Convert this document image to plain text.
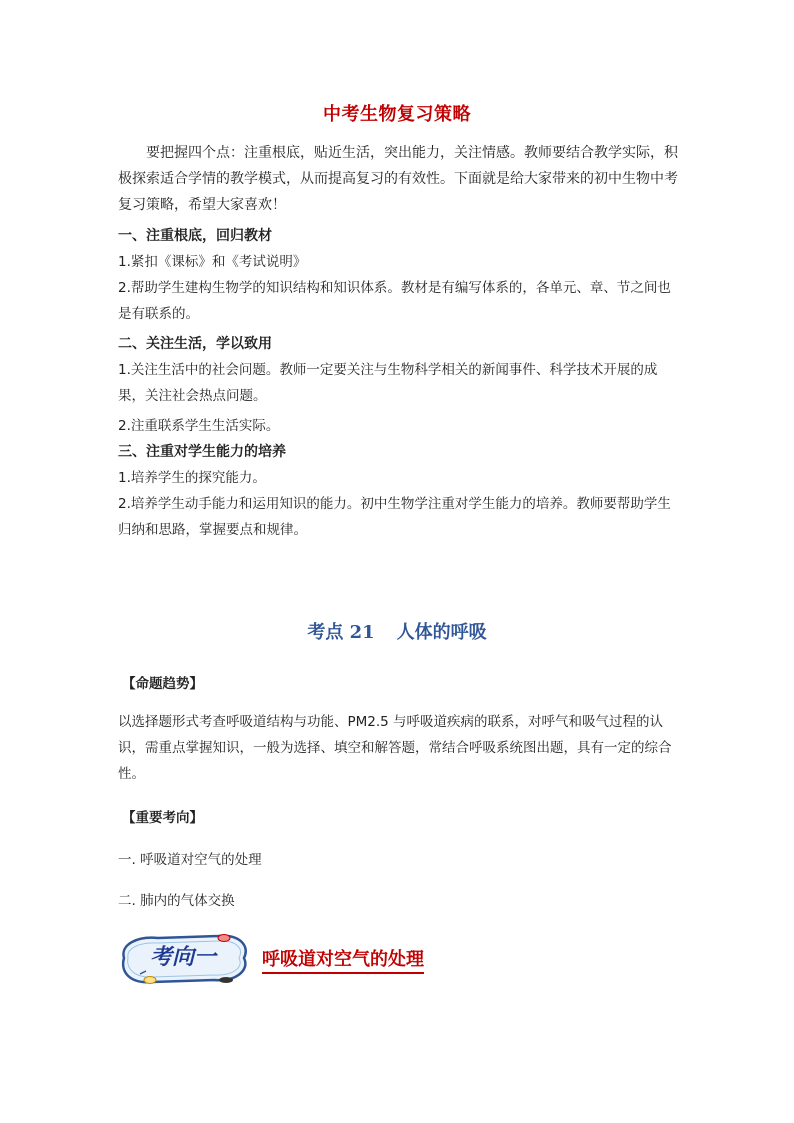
中考生物复习策略
要把握四个点：注重根底，贴近生活，突出能力，关注情感。教师要结合教学实际，积极探索适合学情的教学模式，从而提高复习的有效性。下面就是给大家带来的初中生物中考复习策略，希望大家喜欢！
一、注重根底，回归教材
1.紧扣《课标》和《考试说明》
2.帮助学生建构生物学的知识结构和知识体系。教材是有编写体系的，各单元、章、节之间也是有联系的。
二、关注生活，学以致用
1.关注生活中的社会问题。教师一定要关注与生物科学相关的新闻事件、科学技术开展的成果，关注社会热点问题。
2.注重联系学生生活实际。
三、注重对学生能力的培养
1.培养学生的探究能力。
2.培养学生动手能力和运用知识的能力。初中生物学注重对学生能力的培养。教师要帮助学生归纳和思路，掌握要点和规律。
考点 21 人体的呼吸
【命题趋势】
以选择题形式考查呼吸道结构与功能、PM2.5 与呼吸道疾病的联系，对呼气和吸气过程的认识，需重点掌握知识，一般为选择、填空和解答题，常结合呼吸系统图出题，具有一定的综合性。
【重要考向】
一. 呼吸道对空气的处理
二. 肺内的气体交换
考向一	呼吸道对空气的处理
